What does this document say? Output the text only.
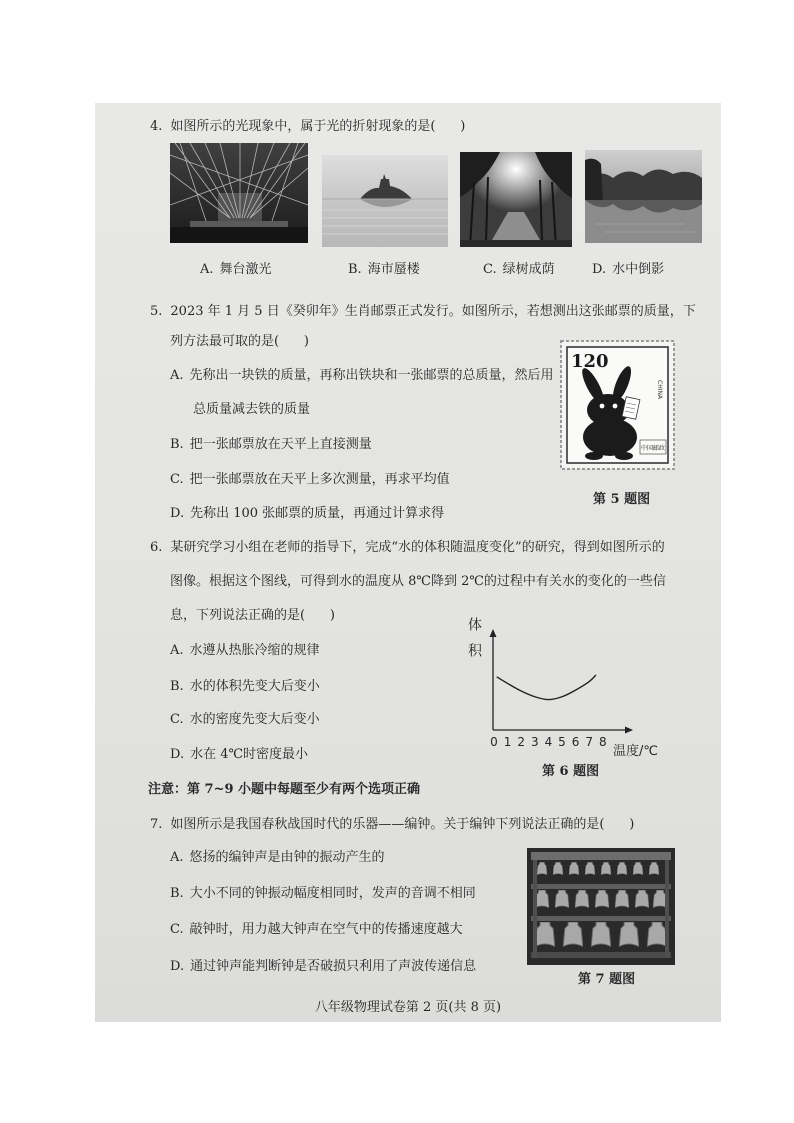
4. 如图所示的光现象中，属于光的折射现象的是(      )
A. 舞台激光	B. 海市蜃楼	C. 绿树成荫	D. 水中倒影
5. 2023 年 1 月 5 日《癸卯年》生肖邮票正式发行。如图所示，若想测出这张邮票的质量，下
列方法最可取的是(      )
A. 先称出一块铁的质量，再称出铁块和一张邮票的总质量，然后用
总质量减去铁的质量
B. 把一张邮票放在天平上直接测量
C. 把一张邮票放在天平上多次测量，再求平均值
D. 先称出 100 张邮票的质量，再通过计算求得
120
CHINA
中国邮政
第 5 题图
6. 某研究学习小组在老师的指导下，完成“水的体积随温度变化”的研究，得到如图所示的
图像。根据这个图线，可得到水的温度从 8℃降到 2℃的过程中有关水的变化的一些信
息，下列说法正确的是(      )
A. 水遵从热胀冷缩的规律
B. 水的体积先变大后变小
C. 水的密度先变大后变小
D. 水在 4℃时密度最小
体积
0 1 2 3 4 5 6 7 8
温度/℃
第 6 题图
注意：第 7~9 小题中每题至少有两个选项正确
7. 如图所示是我国春秋战国时代的乐器——编钟。关于编钟下列说法正确的是(      )
A. 悠扬的编钟声是由钟的振动产生的
B. 大小不同的钟振动幅度相同时，发声的音调不相同
C. 敲钟时，用力越大钟声在空气中的传播速度越大
D. 通过钟声能判断钟是否破损只利用了声波传递信息
第 7 题图
八年级物理试卷第 2 页(共 8 页)
